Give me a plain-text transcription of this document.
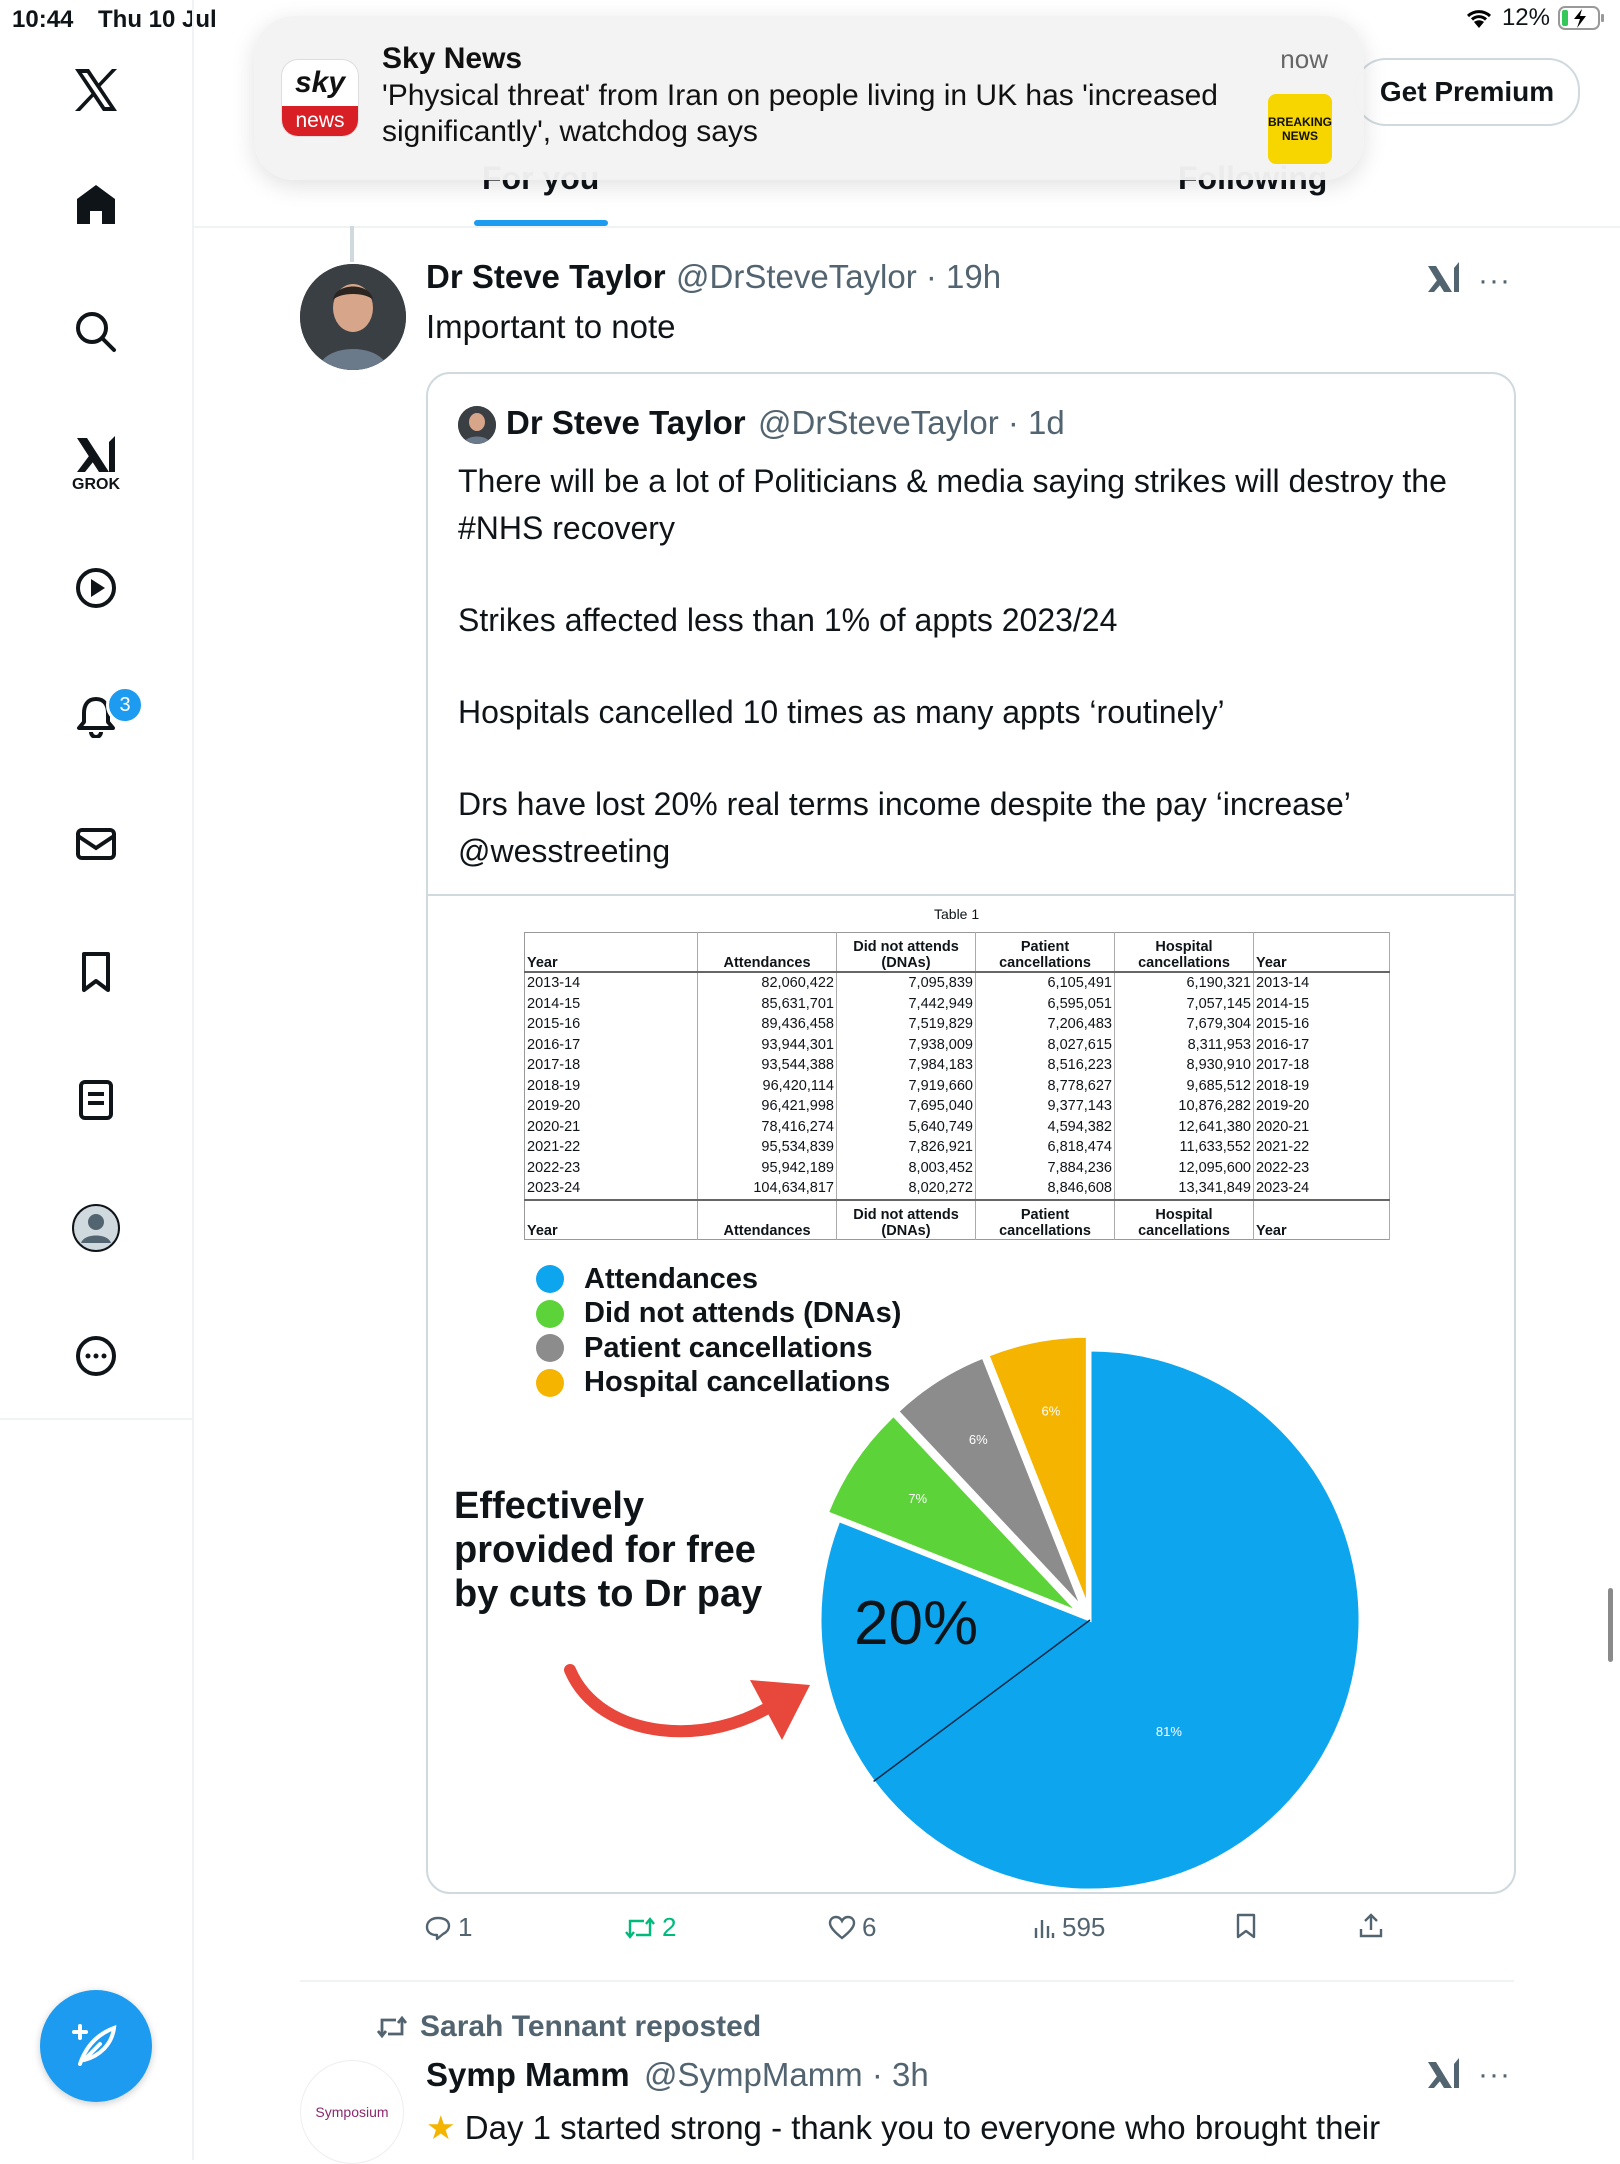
10:44 Thu 10 Jul	12%
GROK
3
Get Premium
sky
news
Sky News	now
'Physical threat' from Iran on people living in UK has 'increased significantly', watchdog says	BREAKING
NEWS
Dr Steve Taylor @DrSteveTaylor · 19h
Important to note
···
Dr Steve Taylor @DrSteveTaylor · 1d

There will be a lot of Politicians & media saying strikes will destroy the #NHS recovery

Strikes affected less than 1% of appts 2023/24

Hospitals cancelled 10 times as many appts ‘routinely’

Drs have lost 20% real terms income despite the pay ‘increase’ @wesstreeting

Table 1
Year	Attendances	Did not attends (DNAs)	Patient cancellations	Hospital cancellations	Year
2013-14	82,060,422	7,095,839	6,105,491	6,190,321	2013-14
2014-15	85,631,701	7,442,949	6,595,051	7,057,145	2014-15
2015-16	89,436,458	7,519,829	7,206,483	7,679,304	2015-16
2016-17	93,944,301	7,938,009	8,027,615	8,311,953	2016-17
2017-18	93,544,388	7,984,183	8,516,223	8,930,910	2017-18
2018-19	96,420,114	7,919,660	8,778,627	9,685,512	2018-19
2019-20	96,421,998	7,695,040	9,377,143	10,876,282	2019-20
2020-21	78,416,274	5,640,749	4,594,382	12,641,380	2020-21
2021-22	95,534,839	7,826,921	6,818,474	11,633,552	2021-22
2022-23	95,942,189	8,003,452	7,884,236	12,095,600	2022-23
2023-24	104,634,817	8,020,272	8,846,608	13,341,849	2023-24
Year	Attendances	Did not attends (DNAs)	Patient cancellations	Hospital cancellations	Year
Attendances
Did not attends (DNAs)
Patient cancellations
Hospital cancellations
81%
7%
6%
6%
Effectively provided for free by cuts to Dr pay	20%
1	2	6	595
Sarah Tennant reposted
Symposium
Symp Mamm @SympMamm · 3h	···
★ Day 1 started strong - thank you to everyone who brought their
